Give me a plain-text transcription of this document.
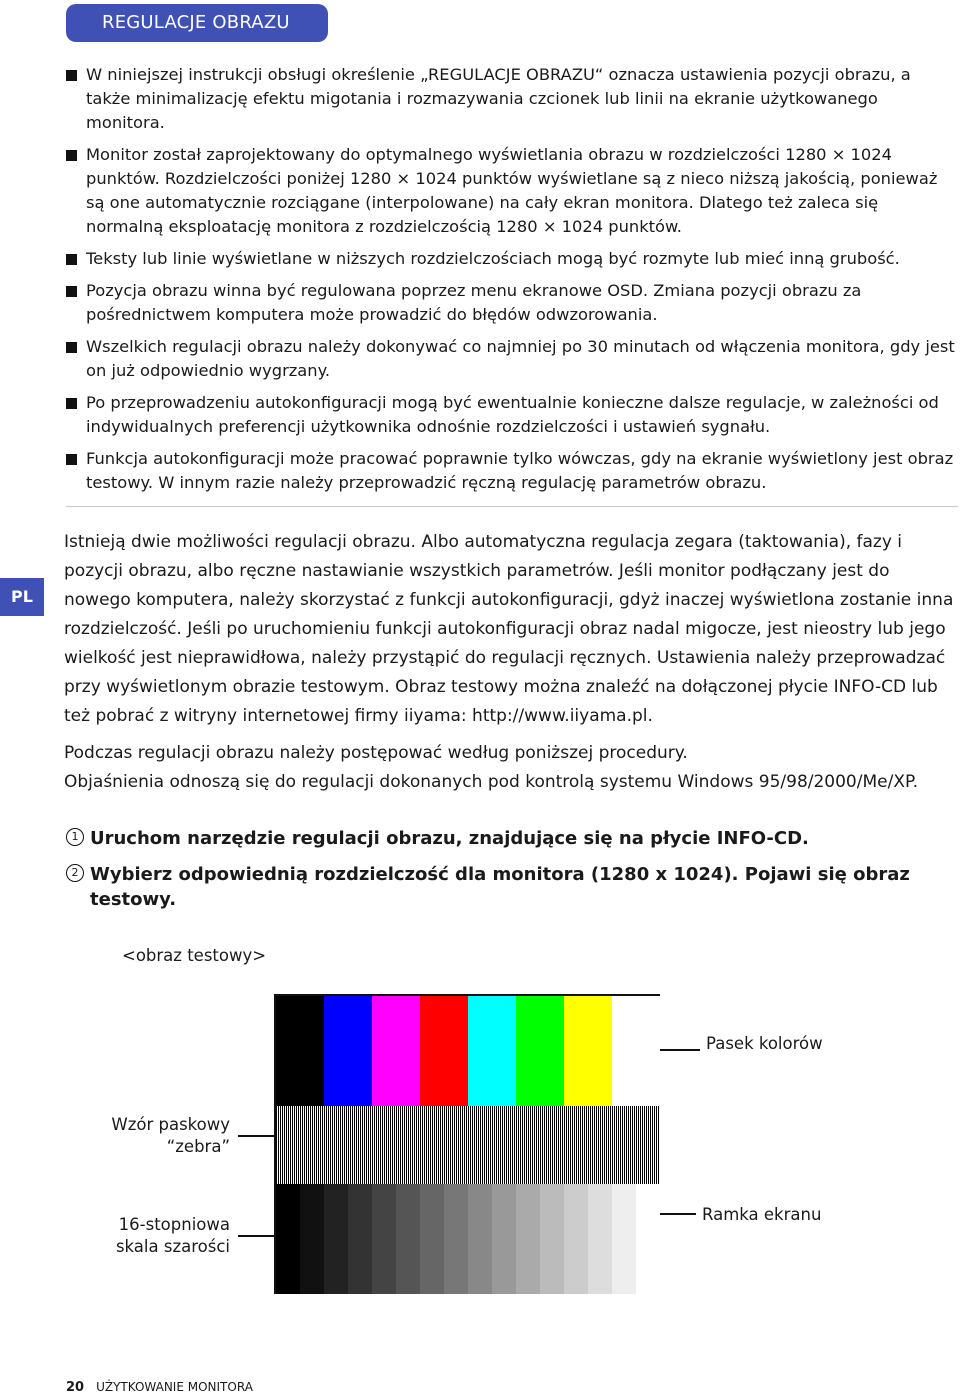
REGULACJE OBRAZU
W niniejszej instrukcji obsługi określenie „REGULACJE OBRAZU“ oznacza ustawienia pozycji obrazu, a także minimalizację efektu migotania i rozmazywania czcionek lub linii na ekranie użytkowanego monitora.
Monitor został zaprojektowany do optymalnego wyświetlania obrazu w rozdzielczości 1280 × 1024 punktów. Rozdzielczości poniżej 1280 × 1024 punktów wyświetlane są z nieco niższą jakością, ponieważ są one automatycznie rozciągane (interpolowane) na cały ekran monitora. Dlatego też zaleca się normalną eksploatację monitora z rozdzielczością 1280 × 1024 punktów.
Teksty lub linie wyświetlane w niższych rozdzielczościach mogą być rozmyte lub mieć inną grubość.
Pozycja obrazu winna być regulowana poprzez menu ekranowe OSD. Zmiana pozycji obrazu za pośrednictwem komputera może prowadzić do błędów odwzorowania.
Wszelkich regulacji obrazu należy dokonywać co najmniej po 30 minutach od włączenia monitora, gdy jest on już odpowiednio wygrzany.
Po przeprowadzeniu autokonfiguracji mogą być ewentualnie konieczne dalsze regulacje, w zależności od indywidualnych preferencji użytkownika odnośnie rozdzielczości i ustawień sygnału.
Funkcja autokonfiguracji może pracować poprawnie tylko wówczas, gdy na ekranie wyświetlony jest obraz testowy. W innym razie należy przeprowadzić ręczną regulację parametrów obrazu.
PL

Istnieją dwie możliwości regulacji obrazu. Albo automatyczna regulacja zegara (taktowania), fazy i pozycji obrazu, albo ręczne nastawianie wszystkich parametrów. Jeśli monitor podłączany jest do nowego komputera, należy skorzystać z funkcji autokonfiguracji, gdyż inaczej wyświetlona zostanie inna rozdzielczość. Jeśli po uruchomieniu funkcji autokonfiguracji obraz nadal migocze, jest nieostry lub jego wielkość jest nieprawidłowa, należy przystąpić do regulacji ręcznych. Ustawienia należy przeprowadzać przy wyświetlonym obrazie testowym. Obraz testowy można znaleźć na dołączonej płycie INFO-CD lub też pobrać z witryny internetowej firmy iiyama: http://www.iiyama.pl.

Podczas regulacji obrazu należy postępować według poniższej procedury.

Objaśnienia odnoszą się do regulacji dokonanych pod kontrolą systemu Windows 95/98/2000/Me/XP.

1 Uruchom narzędzie regulacji obrazu, znajdujące się na płycie INFO-CD.
2 Wybierz odpowiednią rozdzielczość dla monitora (1280 x 1024). Pojawi się obraz testowy.
<obraz testowy>
Pasek kolorów
Wzór paskowy
“zebra”
16-stopniowa
skala szarości
Ramka ekranu
20 UŻYTKOWANIE MONITORA
